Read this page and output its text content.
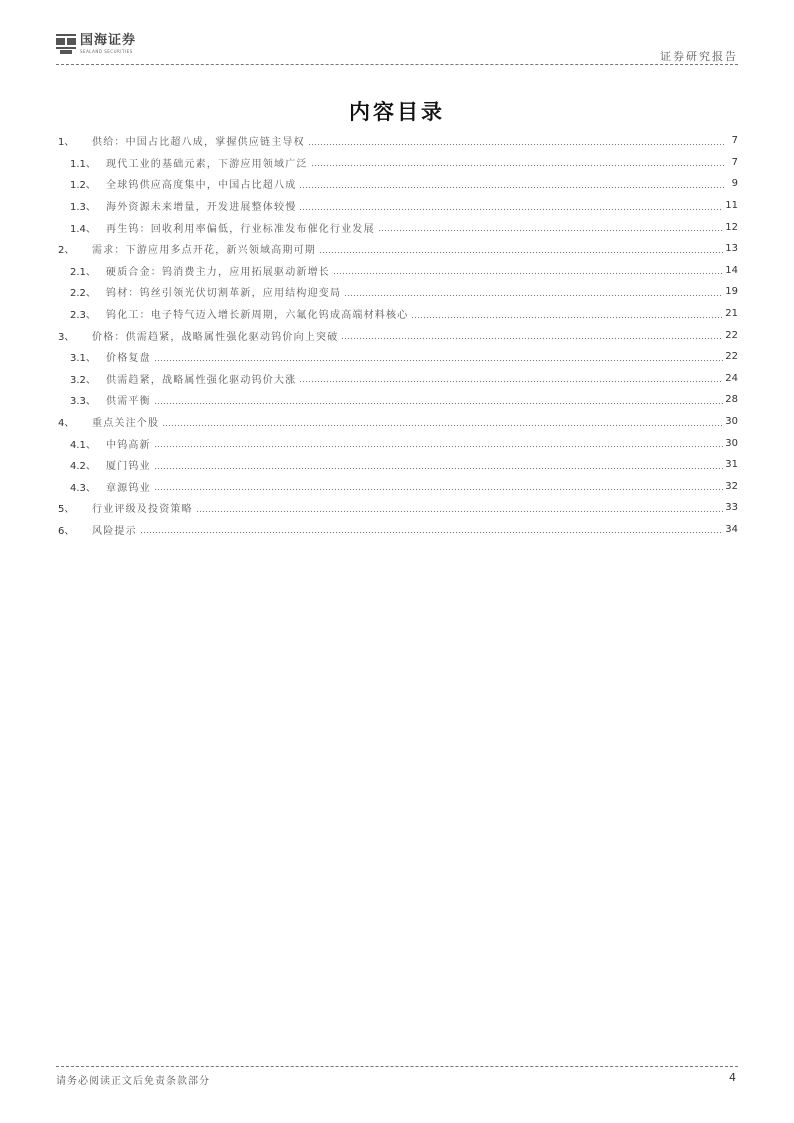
国海证券
SEALAND SECURITIES	证券研究报告
内容目录
1、	供给：中国占比超八成，掌握供应链主导权	7
1.1、	现代工业的基础元素，下游应用领域广泛	7
1.2、	全球钨供应高度集中，中国占比超八成	9
1.3、	海外资源未来增量，开发进展整体较慢	11
1.4、	再生钨：回收利用率偏低，行业标准发布催化行业发展	12
2、	需求：下游应用多点开花，新兴领域高期可期	13
2.1、	硬质合金：钨消费主力，应用拓展驱动新增长	14
2.2、	钨材：钨丝引领光伏切割革新，应用结构迎变局	19
2.3、	钨化工：电子特气迈入增长新周期，六氟化钨成高端材料核心	21
3、	价格：供需趋紧，战略属性强化驱动钨价向上突破	22
3.1、	价格复盘	22
3.2、	供需趋紧，战略属性强化驱动钨价大涨	24
3.3、	供需平衡	28
4、	重点关注个股	30
4.1、	中钨高新	30
4.2、	厦门钨业	31
4.3、	章源钨业	32
5、	行业评级及投资策略	33
6、	风险提示	34
请务必阅读正文后免责条款部分	4
